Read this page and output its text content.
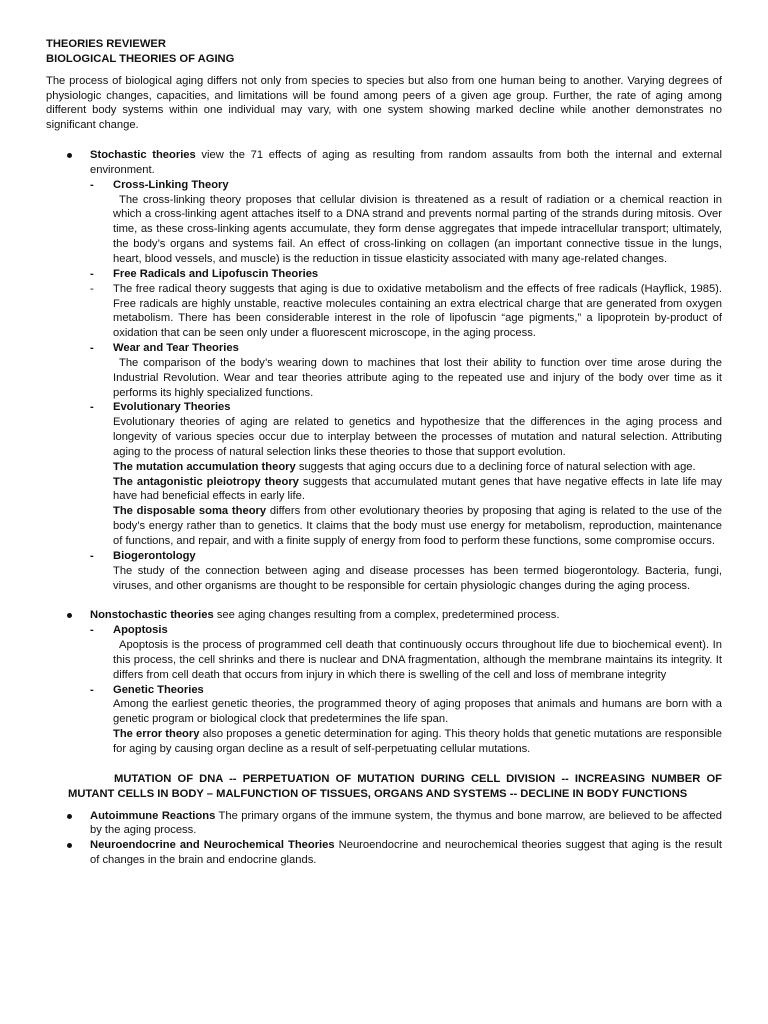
THEORIES REVIEWER

BIOLOGICAL THEORIES OF AGING

The process of biological aging differs not only from species to species but also from one human being to another. Varying degrees of physiologic changes, capacities, and limitations will be found among peers of a given age group. Further, the rate of aging among different body systems within one individual may vary, with one system showing marked decline while another demonstrates no significant change.

Stochastic theories view the 71 effects of aging as resulting from random assaults from both the internal and external environment.
- Cross-Linking Theory

The cross-linking theory proposes that cellular division is threatened as a result of radiation or a chemical reaction in which a cross-linking agent attaches itself to a DNA strand and prevents normal parting of the strands during mitosis. Over time, as these cross-linking agents accumulate, they form dense aggregates that impede intracellular transport; ultimately, the body’s organs and systems fail. An effect of cross-linking on collagen (an important connective tissue in the lungs, heart, blood vessels, and muscle) is the reduction in tissue elasticity associated with many age-related changes.

- Free Radicals and Lipofuscin Theories
- The free radical theory suggests that aging is due to oxidative metabolism and the effects of free radicals (Hayflick, 1985). Free radicals are highly unstable, reactive molecules containing an extra electrical charge that are generated from oxygen metabolism. There has been considerable interest in the role of lipofuscin “age pigments,” a lipoprotein by-product of oxidation that can be seen only under a fluorescent microscope, in the aging process.
- Wear and Tear Theories

The comparison of the body’s wearing down to machines that lost their ability to function over time arose during the Industrial Revolution. Wear and tear theories attribute aging to the repeated use and injury of the body over time as it performs its highly specialized functions.

- Evolutionary Theories

Evolutionary theories of aging are related to genetics and hypothesize that the differences in the aging process and longevity of various species occur due to interplay between the processes of mutation and natural selection. Attributing aging to the process of natural selection links these theories to those that support evolution.

The mutation accumulation theory suggests that aging occurs due to a declining force of natural selection with age.

The antagonistic pleiotropy theory suggests that accumulated mutant genes that have negative effects in late life may have had beneficial effects in early life.

The disposable soma theory differs from other evolutionary theories by proposing that aging is related to the use of the body’s energy rather than to genetics. It claims that the body must use energy for metabolism, reproduction, maintenance of functions, and repair, and with a finite supply of energy from food to perform these functions, some compromise occurs.

- Biogerontology

The study of the connection between aging and disease processes has been termed biogerontology. Bacteria, fungi, viruses, and other organisms are thought to be responsible for certain physiologic changes during the aging process.

Nonstochastic theories see aging changes resulting from a complex, predetermined process.
- Apoptosis

Apoptosis is the process of programmed cell death that continuously occurs throughout life due to biochemical event). In this process, the cell shrinks and there is nuclear and DNA fragmentation, although the membrane maintains its integrity. It differs from cell death that occurs from injury in which there is swelling of the cell and loss of membrane integrity

- Genetic Theories

Among the earliest genetic theories, the programmed theory of aging proposes that animals and humans are born with a genetic program or biological clock that predetermines the life span.

The error theory also proposes a genetic determination for aging. This theory holds that genetic mutations are responsible for aging by causing organ decline as a result of self-perpetuating cellular mutations.

MUTATION OF DNA -- PERPETUATION OF MUTATION DURING CELL DIVISION -- INCREASING NUMBER OF MUTANT CELLS IN BODY – MALFUNCTION OF TISSUES, ORGANS AND SYSTEMS -- DECLINE IN BODY FUNCTIONS

Autoimmune Reactions The primary organs of the immune system, the thymus and bone marrow, are believed to be affected by the aging process.
Neuroendocrine and Neurochemical Theories Neuroendocrine and neurochemical theories suggest that aging is the result of changes in the brain and endocrine glands.
